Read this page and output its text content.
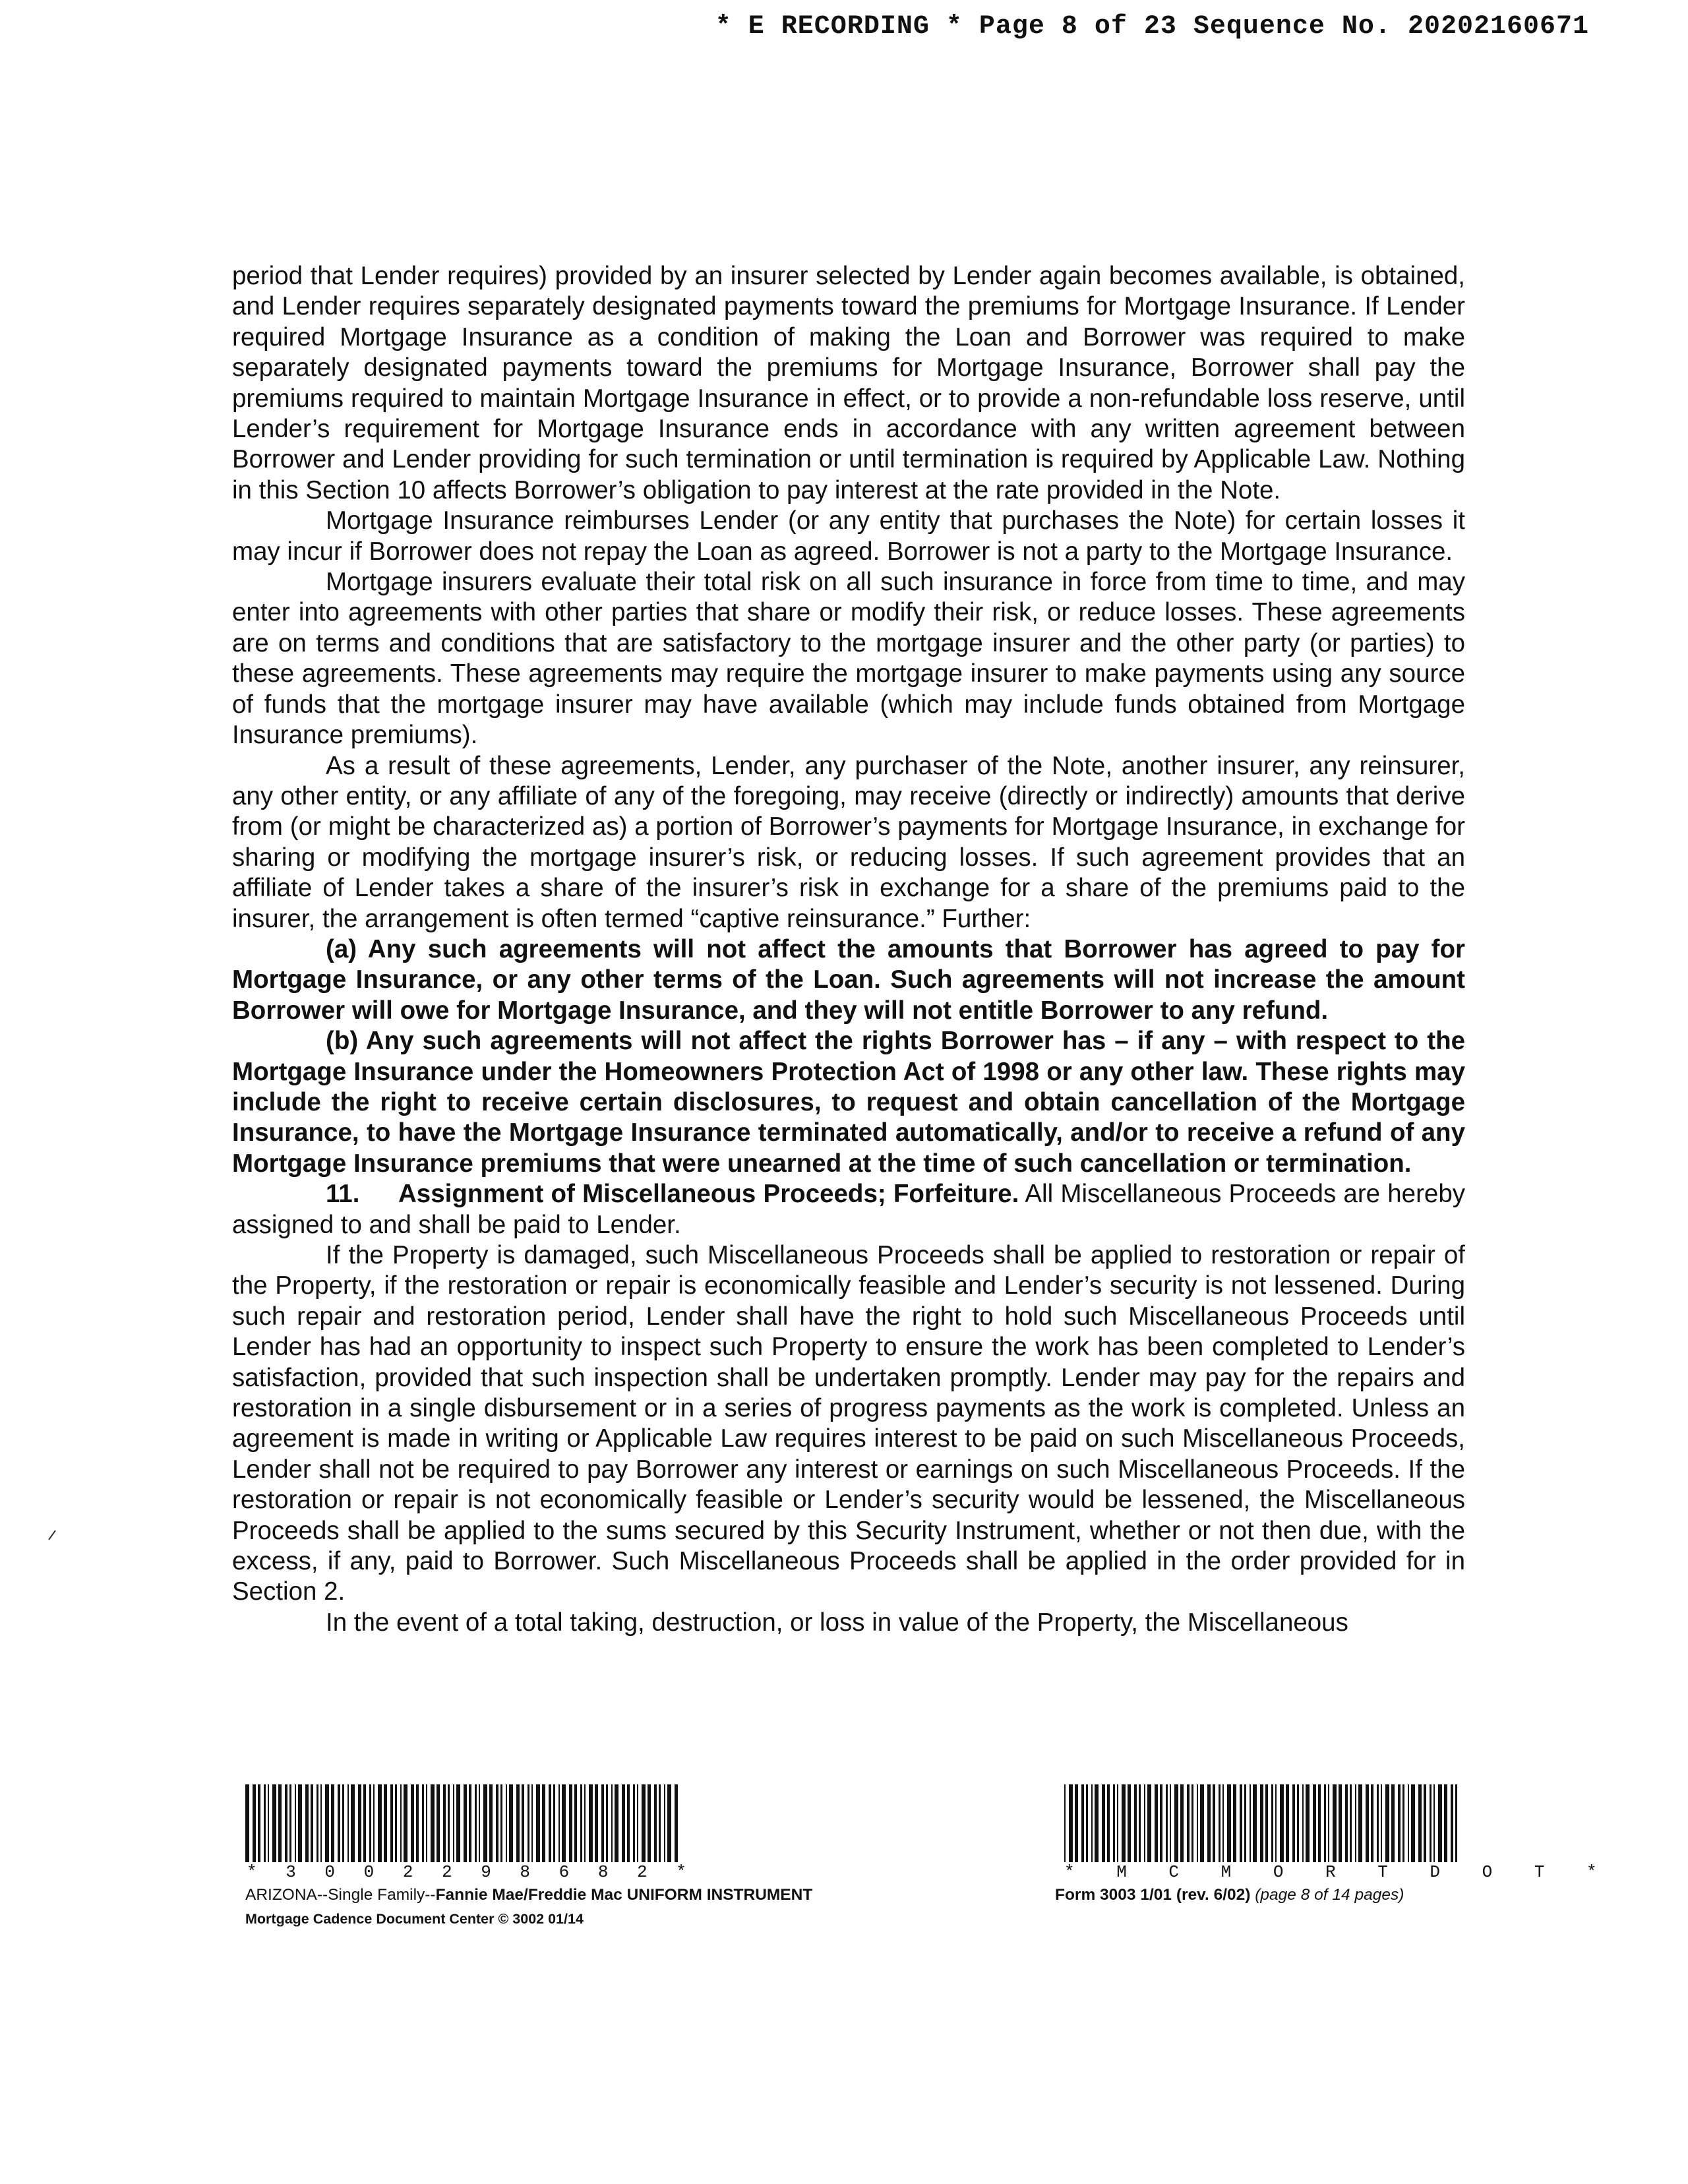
* E RECORDING * Page 8 of 23 Sequence No. 20202160671

period that Lender requires) provided by an insurer selected by Lender again becomes available, is obtained, and Lender requires separately designated payments toward the premiums for Mortgage Insurance. If Lender required Mortgage Insurance as a condition of making the Loan and Borrower was required to make separately designated payments toward the premiums for Mortgage Insurance, Borrower shall pay the premiums required to maintain Mortgage Insurance in effect, or to provide a non-refundable loss reserve, until Lender’s requirement for Mortgage Insurance ends in accordance with any written agreement between Borrower and Lender providing for such termination or until termination is required by Applicable Law. Nothing in this Section 10 affects Borrower’s obligation to pay interest at the rate provided in the Note.

Mortgage Insurance reimburses Lender (or any entity that purchases the Note) for certain losses it may incur if Borrower does not repay the Loan as agreed. Borrower is not a party to the Mortgage Insurance.

Mortgage insurers evaluate their total risk on all such insurance in force from time to time, and may enter into agreements with other parties that share or modify their risk, or reduce losses. These agreements are on terms and conditions that are satisfactory to the mortgage insurer and the other party (or parties) to these agreements. These agreements may require the mortgage insurer to make payments using any source of funds that the mortgage insurer may have available (which may include funds obtained from Mortgage Insurance premiums).

As a result of these agreements, Lender, any purchaser of the Note, another insurer, any reinsurer, any other entity, or any affiliate of any of the foregoing, may receive (directly or indirectly) amounts that derive from (or might be characterized as) a portion of Borrower’s payments for Mortgage Insurance, in exchange for sharing or modifying the mortgage insurer’s risk, or reducing losses. If such agreement provides that an affiliate of Lender takes a share of the insurer’s risk in exchange for a share of the premiums paid to the insurer, the arrangement is often termed “captive reinsurance.” Further:

(a) Any such agreements will not affect the amounts that Borrower has agreed to pay for Mortgage Insurance, or any other terms of the Loan. Such agreements will not increase the amount Borrower will owe for Mortgage Insurance, and they will not entitle Borrower to any refund.

(b) Any such agreements will not affect the rights Borrower has – if any – with respect to the Mortgage Insurance under the Homeowners Protection Act of 1998 or any other law. These rights may include the right to receive certain disclosures, to request and obtain cancellation of the Mortgage Insurance, to have the Mortgage Insurance terminated automatically, and/or to receive a refund of any Mortgage Insurance premiums that were unearned at the time of such cancellation or termination.

11. Assignment of Miscellaneous Proceeds; Forfeiture. All Miscellaneous Proceeds are hereby assigned to and shall be paid to Lender.

If the Property is damaged, such Miscellaneous Proceeds shall be applied to restoration or repair of the Property, if the restoration or repair is economically feasible and Lender’s security is not lessened. During such repair and restoration period, Lender shall have the right to hold such Miscellaneous Proceeds until Lender has had an opportunity to inspect such Property to ensure the work has been completed to Lender’s satisfaction, provided that such inspection shall be undertaken promptly. Lender may pay for the repairs and restoration in a single disbursement or in a series of progress payments as the work is completed. Unless an agreement is made in writing or Applicable Law requires interest to be paid on such Miscellaneous Proceeds, Lender shall not be required to pay Borrower any interest or earnings on such Miscellaneous Proceeds. If the restoration or repair is not economically feasible or Lender’s security would be lessened, the Miscellaneous Proceeds shall be applied to the sums secured by this Security Instrument, whether or not then due, with the excess, if any, paid to Borrower. Such Miscellaneous Proceeds shall be applied in the order provided for in Section 2.

In the event of a total taking, destruction, or loss in value of the Property, the Miscellaneous

* 3 0 0 2 2 9 8 6 8 2 *
ARIZONA--Single Family--Fannie Mae/Freddie Mac UNIFORM INSTRUMENT
Mortgage Cadence Document Center © 3002 01/14
* M C M O R T D O T *
Form 3003 1/01 (rev. 6/02) (page 8 of 14 pages)
